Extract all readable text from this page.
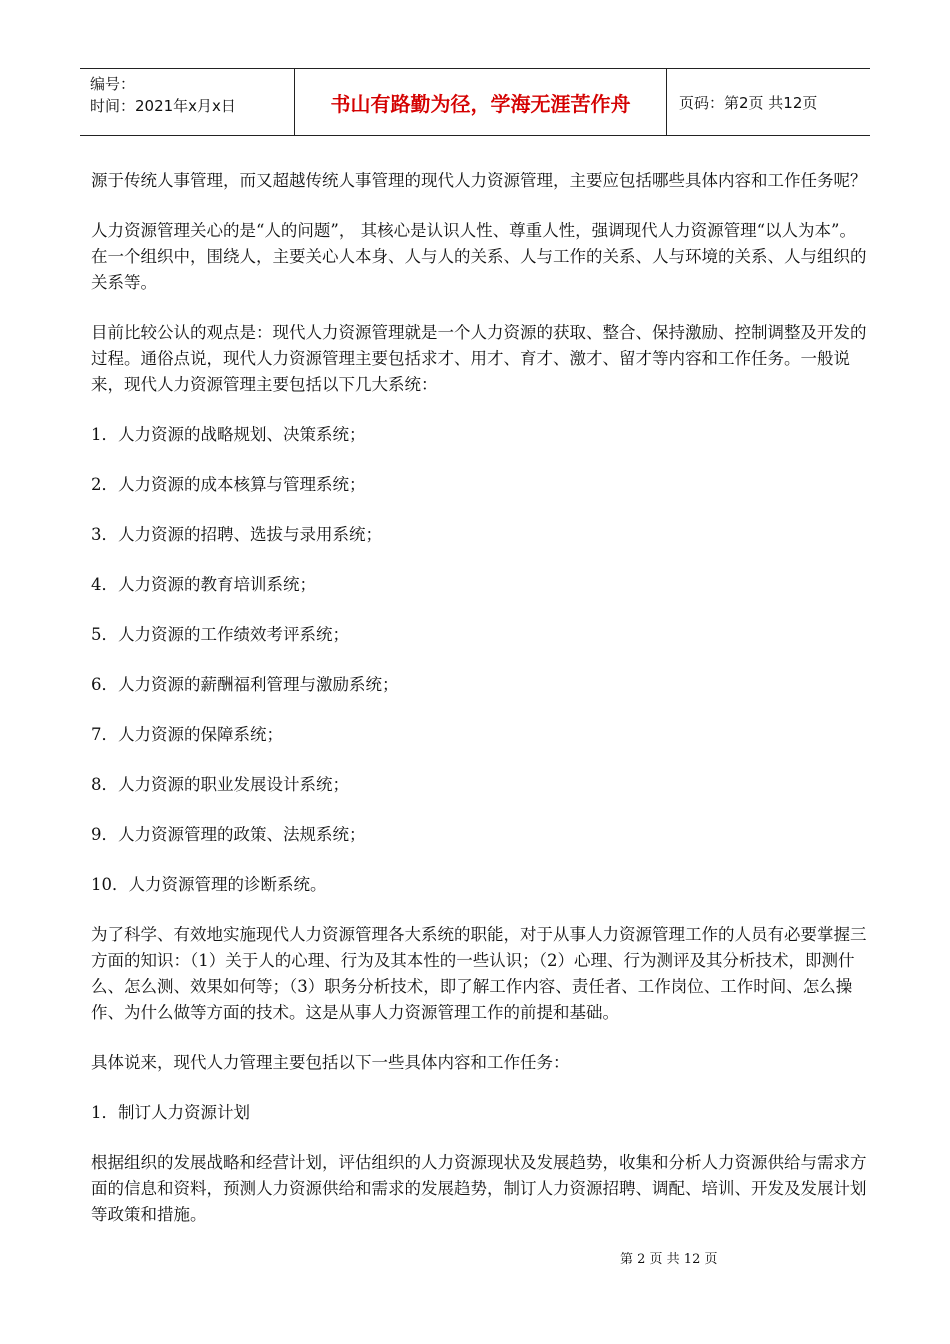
编号：
时间：2021年x月x日	书山有路勤为径，学海无涯苦作舟	页码：第2页 共12页

源于传统人事管理，而又超越传统人事管理的现代人力资源管理，主要应包括哪些具体内容和工作任务呢？

人力资源管理关心的是“人的问题”， 其核心是认识人性、尊重人性，强调现代人力资源管理“以人为本”。在一个组织中，围绕人，主要关心人本身、人与人的关系、人与工作的关系、人与环境的关系、人与组织的关系等。

目前比较公认的观点是：现代人力资源管理就是一个人力资源的获取、整合、保持激励、控制调整及开发的过程。通俗点说，现代人力资源管理主要包括求才、用才、育才、激才、留才等内容和工作任务。一般说来，现代人力资源管理主要包括以下几大系统：

1．人力资源的战略规划、决策系统；

2．人力资源的成本核算与管理系统；

3．人力资源的招聘、选拔与录用系统；

4．人力资源的教育培训系统；

5．人力资源的工作绩效考评系统；

6．人力资源的薪酬福利管理与激励系统；

7．人力资源的保障系统；

8．人力资源的职业发展设计系统；

9．人力资源管理的政策、法规系统；

10．人力资源管理的诊断系统。

为了科学、有效地实施现代人力资源管理各大系统的职能，对于从事人力资源管理工作的人员有必要掌握三方面的知识：（1）关于人的心理、行为及其本性的一些认识；（2）心理、行为测评及其分析技术，即测什么、怎么测、效果如何等；（3）职务分析技术，即了解工作内容、责任者、工作岗位、工作时间、怎么操作、为什么做等方面的技术。这是从事人力资源管理工作的前提和基础。

具体说来，现代人力管理主要包括以下一些具体内容和工作任务：

1．制订人力资源计划

根据组织的发展战略和经营计划，评估组织的人力资源现状及发展趋势，收集和分析人力资源供给与需求方面的信息和资料，预测人力资源供给和需求的发展趋势，制订人力资源招聘、调配、培训、开发及发展计划等政策和措施。

第 2 页 共 12 页
